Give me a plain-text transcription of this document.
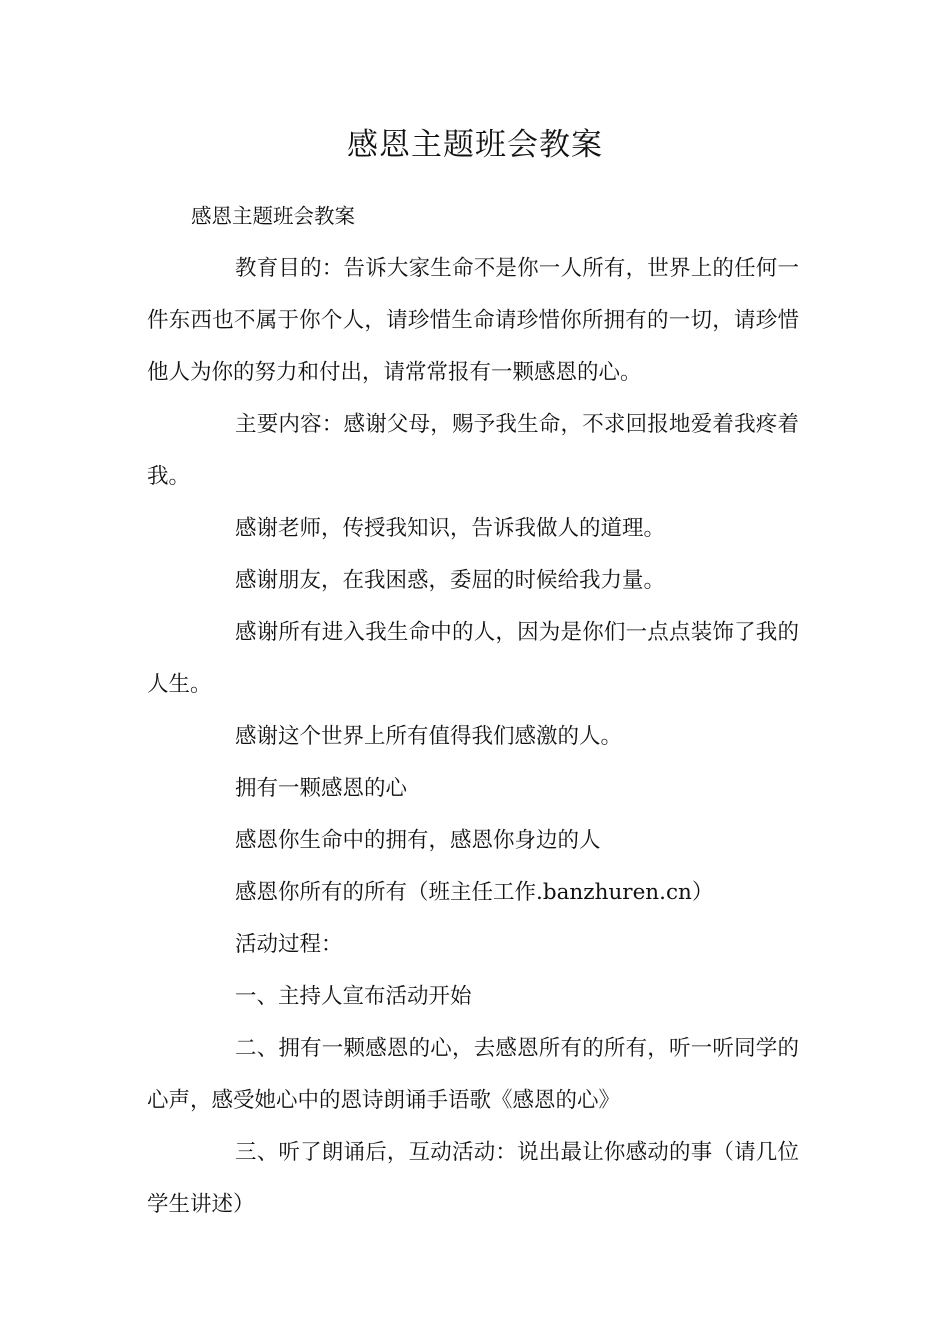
感恩主题班会教案

感恩主题班会教案

教育目的：告诉大家生命不是你一人所有，世界上的任何一件东西也不属于你个人，请珍惜生命请珍惜你所拥有的一切，请珍惜他人为你的努力和付出，请常常报有一颗感恩的心。

主要内容：感谢父母，赐予我生命，不求回报地爱着我疼着我。

感谢老师，传授我知识，告诉我做人的道理。

感谢朋友，在我困惑，委屈的时候给我力量。

感谢所有进入我生命中的人，因为是你们一点点装饰了我的人生。

感谢这个世界上所有值得我们感激的人。

拥有一颗感恩的心

感恩你生命中的拥有，感恩你身边的人

感恩你所有的所有（班主任工作.banzhuren.cn）

活动过程：

一、主持人宣布活动开始

二、拥有一颗感恩的心，去感恩所有的所有，听一听同学的心声，感受她心中的恩诗朗诵手语歌《感恩的心》

三、听了朗诵后，互动活动：说出最让你感动的事（请几位学生讲述）
